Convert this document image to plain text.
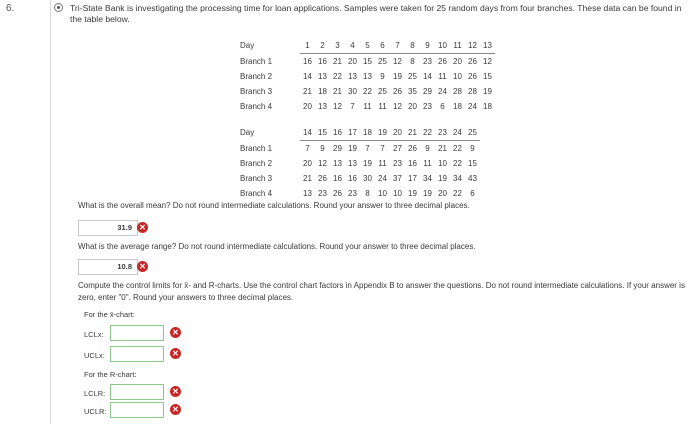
6.	Tri-State Bank is investigating the processing time for loan applications. Samples were taken for 25 random days from four branches. These data can be found in the table below.
Day	1	2	3	4	5	6	7	8	9	10	11	12	13
Branch 1	16	16	21	20	15	25	12	8	23	26	20	26	12
Branch 2	14	13	22	13	13	9	19	25	14	11	10	26	15
Branch 3	21	18	21	30	22	25	26	35	29	24	28	28	19
Branch 4	20	13	12	7	11	11	12	20	23	6	18	24	18
Day	14	15	16	17	18	19	20	21	22	23	24	25
Branch 1	7	9	29	19	7	7	27	26	9	21	22	9
Branch 2	20	12	13	13	19	11	23	16	11	10	22	15
Branch 3	21	26	16	16	30	24	37	17	34	19	34	43
Branch 4	13	23	26	23	8	10	10	19	19	20	22	6
What is the overall mean? Do not round intermediate calculations. Round your answer to three decimal places.
31.9 ✕
What is the average range? Do not round intermediate calculations. Round your answer to three decimal places.
10.8 ✕
Compute the control limits for x̄- and R-charts. Use the control chart factors in Appendix B to answer the questions. Do not round intermediate calculations. If your answer is zero, enter "0". Round your answers to three decimal places.
For the x̄-chart:
LCLx:	✕
UCLx:	✕
For the R-chart:
LCLR:	✕
UCLR:	✕
